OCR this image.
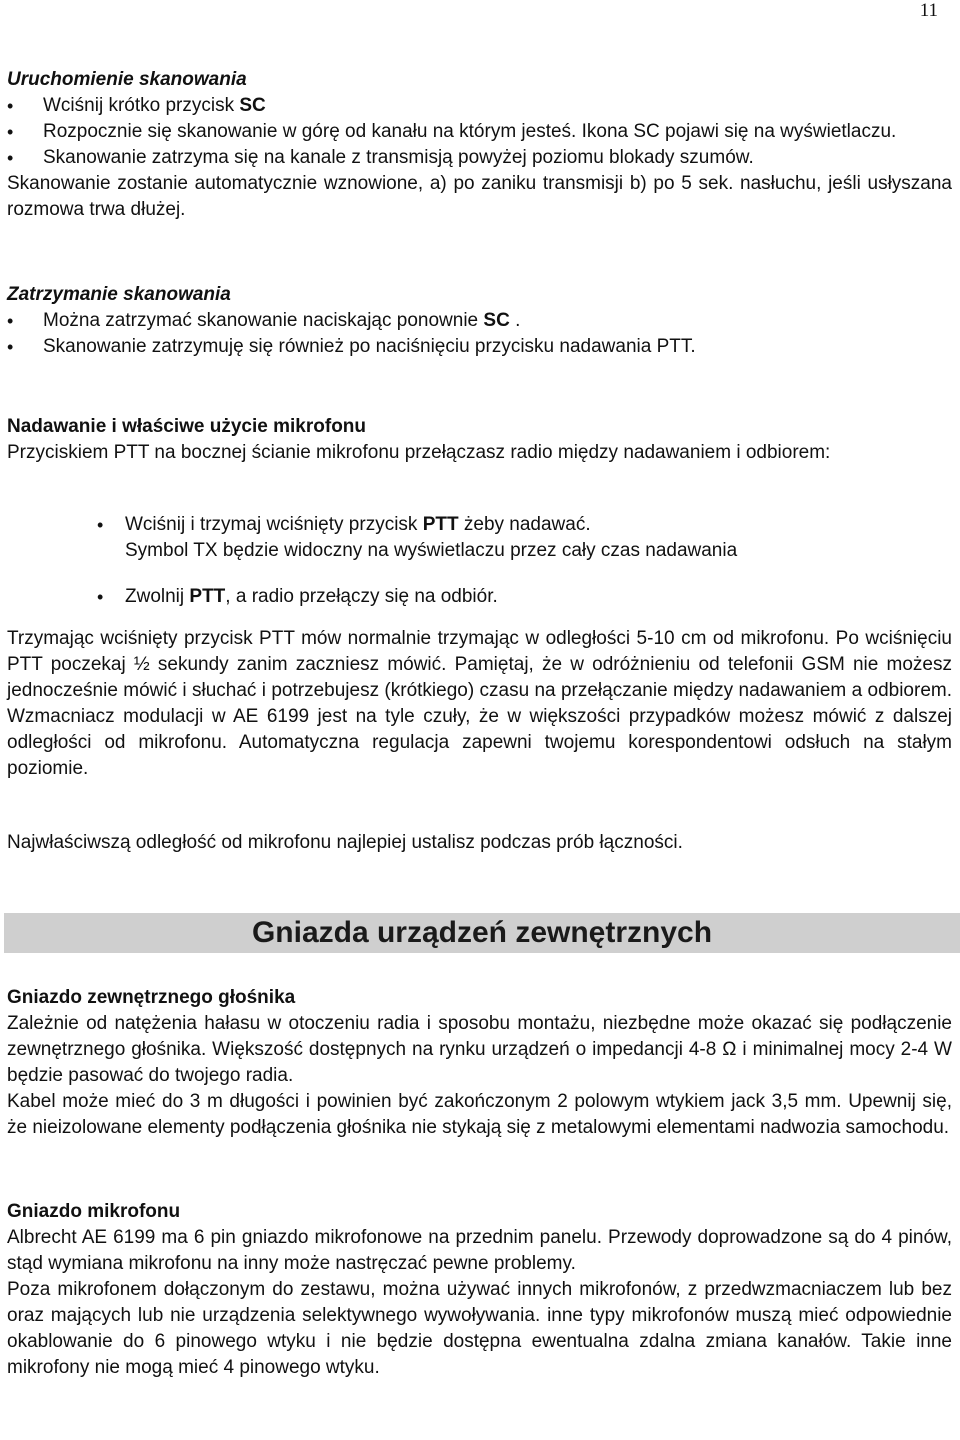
11
Uruchomienie skanowania
• Wciśnij krótko przycisk SC
• Rozpocznie się skanowanie w górę od kanału na którym jesteś. Ikona SC pojawi się na wyświetlaczu.
• Skanowanie zatrzyma się na kanale z transmisją powyżej poziomu blokady szumów.
Skanowanie zostanie automatycznie wznowione, a) po zaniku transmisji b) po 5 sek. nasłuchu, jeśli usłyszana rozmowa trwa dłużej.
Zatrzymanie skanowania
• Można zatrzymać skanowanie naciskając ponownie SC .
• Skanowanie zatrzymuję się również po naciśnięciu przycisku nadawania PTT.
Nadawanie i właściwe użycie mikrofonu
Przyciskiem PTT na bocznej ścianie mikrofonu przełączasz radio między nadawaniem i odbiorem:
• Wciśnij i trzymaj wciśnięty przycisk PTT żeby nadawać.
Symbol TX będzie widoczny na wyświetlaczu przez cały czas nadawania
• Zwolnij PTT, a radio przełączy się na odbiór.
Trzymając wciśnięty przycisk PTT mów normalnie trzymając w odległości 5-10 cm od mikrofonu. Po wciśnięciu PTT poczekaj ½ sekundy zanim zaczniesz mówić. Pamiętaj, że w odróżnieniu od telefonii GSM nie możesz jednocześnie mówić i słuchać i potrzebujesz (krótkiego) czasu na przełączanie między nadawaniem a odbiorem. Wzmacniacz modulacji w AE 6199 jest na tyle czuły, że w większości przypadków możesz mówić z dalszej odległości od mikrofonu. Automatyczna regulacja zapewni twojemu korespondentowi odsłuch na stałym poziomie.
Najwłaściwszą odległość od mikrofonu najlepiej ustalisz podczas prób łączności.
Gniazda urządzeń zewnętrznych
Gniazdo zewnętrznego głośnika
Zależnie od natężenia hałasu w otoczeniu radia i sposobu montażu, niezbędne może okazać się podłączenie zewnętrznego głośnika. Większość dostępnych na rynku urządzeń o impedancji 4-8 Ω i minimalnej mocy 2-4 W będzie pasować do twojego radia.
Kabel może mieć do 3 m długości i powinien być zakończonym 2 polowym wtykiem jack 3,5 mm. Upewnij się, że nieizolowane elementy podłączenia głośnika nie stykają się z metalowymi elementami nadwozia samochodu.
Gniazdo mikrofonu
Albrecht AE 6199 ma 6 pin gniazdo mikrofonowe na przednim panelu. Przewody doprowadzone są do 4 pinów, stąd wymiana mikrofonu na inny może nastręczać pewne problemy.
Poza mikrofonem dołączonym do zestawu, można używać innych mikrofonów, z przedwzmacniaczem lub bez oraz mających lub nie urządzenia selektywnego wywoływania. inne typy mikrofonów muszą mieć odpowiednie okablowanie do 6 pinowego wtyku i nie będzie dostępna ewentualna zdalna zmiana kanałów. Takie inne mikrofony nie mogą mieć 4 pinowego wtyku.
